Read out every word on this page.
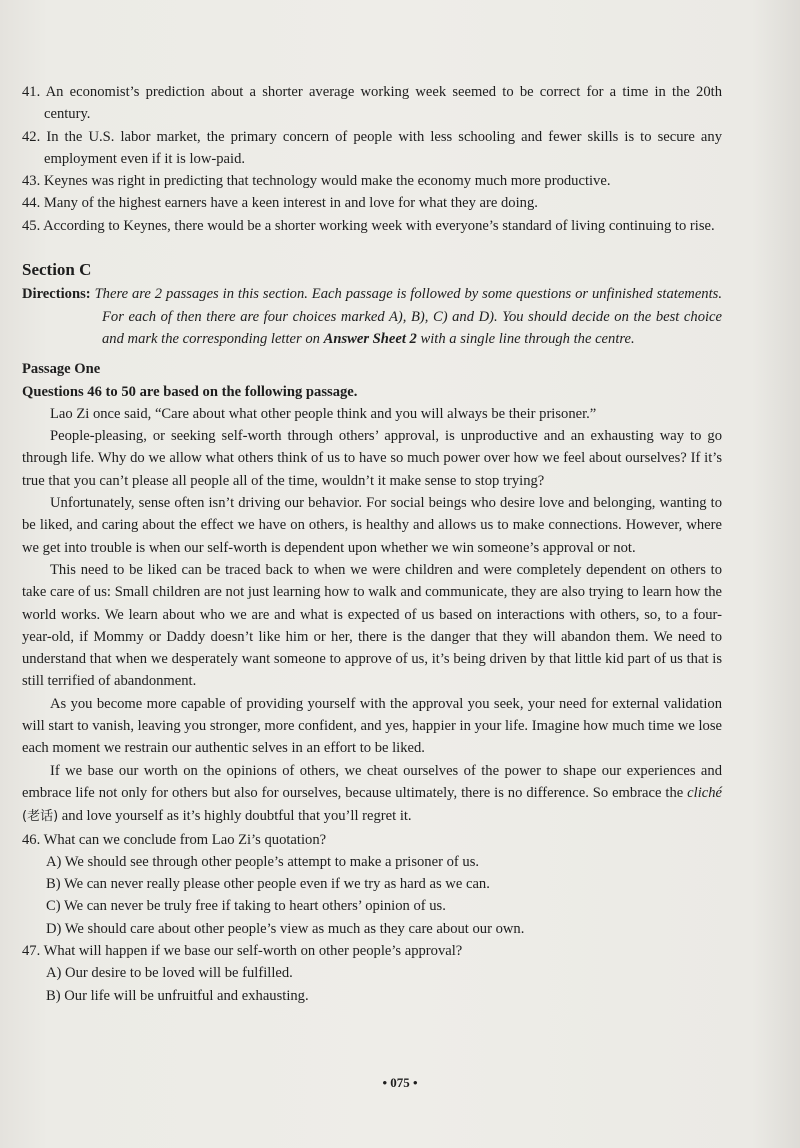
41. An economist’s prediction about a shorter average working week seemed to be correct for a time in the 20th century.

42. In the U.S. labor market, the primary concern of people with less schooling and fewer skills is to secure any employment even if it is low-paid.

43. Keynes was right in predicting that technology would make the economy much more productive.

44. Many of the highest earners have a keen interest in and love for what they are doing.

45. According to Keynes, there would be a shorter working week with everyone’s standard of living continuing to rise.

Section C

Directions: There are 2 passages in this section. Each passage is followed by some questions or unfinished statements. For each of then there are four choices marked A), B), C) and D). You should decide on the best choice and mark the corresponding letter on Answer Sheet 2 with a single line through the centre.

Passage One

Questions 46 to 50 are based on the following passage.

Lao Zi once said, “Care about what other people think and you will always be their prisoner.”

People-pleasing, or seeking self-worth through others’ approval, is unproductive and an exhausting way to go through life. Why do we allow what others think of us to have so much power over how we feel about ourselves? If it’s true that you can’t please all people all of the time, wouldn’t it make sense to stop trying?

Unfortunately, sense often isn’t driving our behavior. For social beings who desire love and belonging, wanting to be liked, and caring about the effect we have on others, is healthy and allows us to make connections. However, where we get into trouble is when our self-worth is dependent upon whether we win someone’s approval or not.

This need to be liked can be traced back to when we were children and were completely dependent on others to take care of us: Small children are not just learning how to walk and communicate, they are also trying to learn how the world works. We learn about who we are and what is expected of us based on interactions with others, so, to a four-year-old, if Mommy or Daddy doesn’t like him or her, there is the danger that they will abandon them. We need to understand that when we desperately want someone to approve of us, it’s being driven by that little kid part of us that is still terrified of abandonment.

As you become more capable of providing yourself with the approval you seek, your need for external validation will start to vanish, leaving you stronger, more confident, and yes, happier in your life. Imagine how much time we lose each moment we restrain our authentic selves in an effort to be liked.

If we base our worth on the opinions of others, we cheat ourselves of the power to shape our experiences and embrace life not only for others but also for ourselves, because ultimately, there is no difference. So embrace the cliché (老话) and love yourself as it’s highly doubtful that you’ll regret it.

46. What can we conclude from Lao Zi’s quotation?

A) We should see through other people’s attempt to make a prisoner of us.

B) We can never really please other people even if we try as hard as we can.

C) We can never be truly free if taking to heart others’ opinion of us.

D) We should care about other people’s view as much as they care about our own.

47. What will happen if we base our self-worth on other people’s approval?

A) Our desire to be loved will be fulfilled.

B) Our life will be unfruitful and exhausting.

• 075 •
